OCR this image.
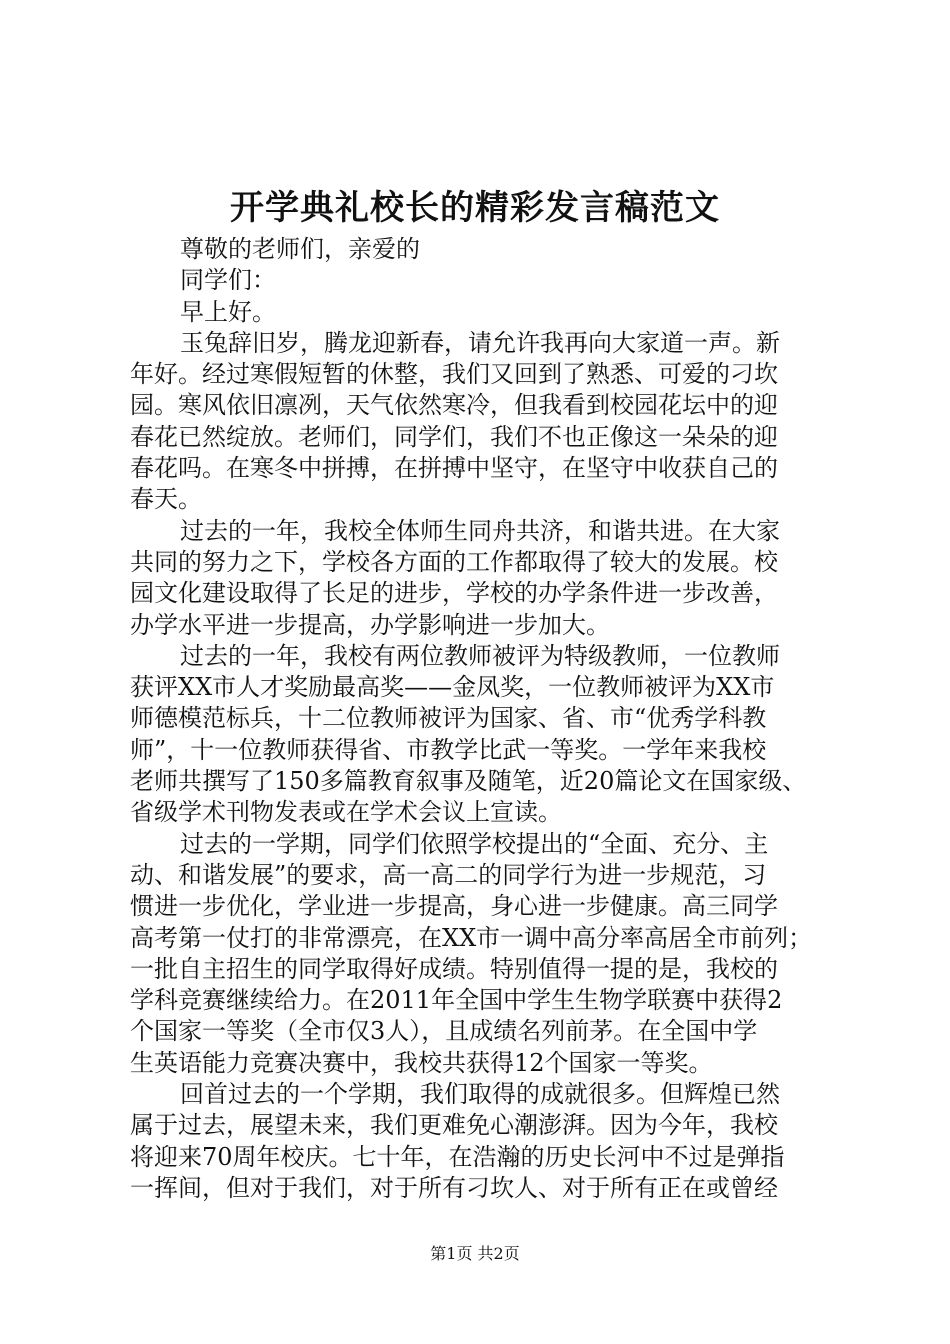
开学典礼校长的精彩发言稿范文
尊敬的老师们，亲爱的
同学们：
早上好。
玉兔辞旧岁，腾龙迎新春，请允许我再向大家道一声。新
年好。经过寒假短暂的休整，我们又回到了熟悉、可爱的刁坎
园。寒风依旧凛冽，天气依然寒冷，但我看到校园花坛中的迎
春花已然绽放。老师们，同学们，我们不也正像这一朵朵的迎
春花吗。在寒冬中拼搏，在拼搏中坚守，在坚守中收获自己的
春天。
过去的一年，我校全体师生同舟共济，和谐共进。在大家
共同的努力之下，学校各方面的工作都取得了较大的发展。校
园文化建设取得了长足的进步，学校的办学条件进一步改善，
办学水平进一步提高，办学影响进一步加大。
过去的一年，我校有两位教师被评为特级教师，一位教师
获评XX市人才奖励最高奖——金凤奖，一位教师被评为XX市
师德模范标兵，十二位教师被评为国家、省、市“优秀学科教
师”，十一位教师获得省、市教学比武一等奖。一学年来我校
老师共撰写了150多篇教育叙事及随笔，近20篇论文在国家级、
省级学术刊物发表或在学术会议上宣读。
过去的一学期，同学们依照学校提出的“全面、充分、主
动、和谐发展”的要求，高一高二的同学行为进一步规范，习
惯进一步优化，学业进一步提高，身心进一步健康。高三同学
高考第一仗打的非常漂亮，在XX市一调中高分率高居全市前列；
一批自主招生的同学取得好成绩。特别值得一提的是，我校的
学科竞赛继续给力。在2011年全国中学生生物学联赛中获得2
个国家一等奖（全市仅3人），且成绩名列前茅。在全国中学
生英语能力竞赛决赛中，我校共获得12个国家一等奖。
回首过去的一个学期，我们取得的成就很多。但辉煌已然
属于过去，展望未来，我们更难免心潮澎湃。因为今年，我校
将迎来70周年校庆。七十年，在浩瀚的历史长河中不过是弹指
一挥间，但对于我们，对于所有刁坎人、对于所有正在或曾经
第1页 共2页
